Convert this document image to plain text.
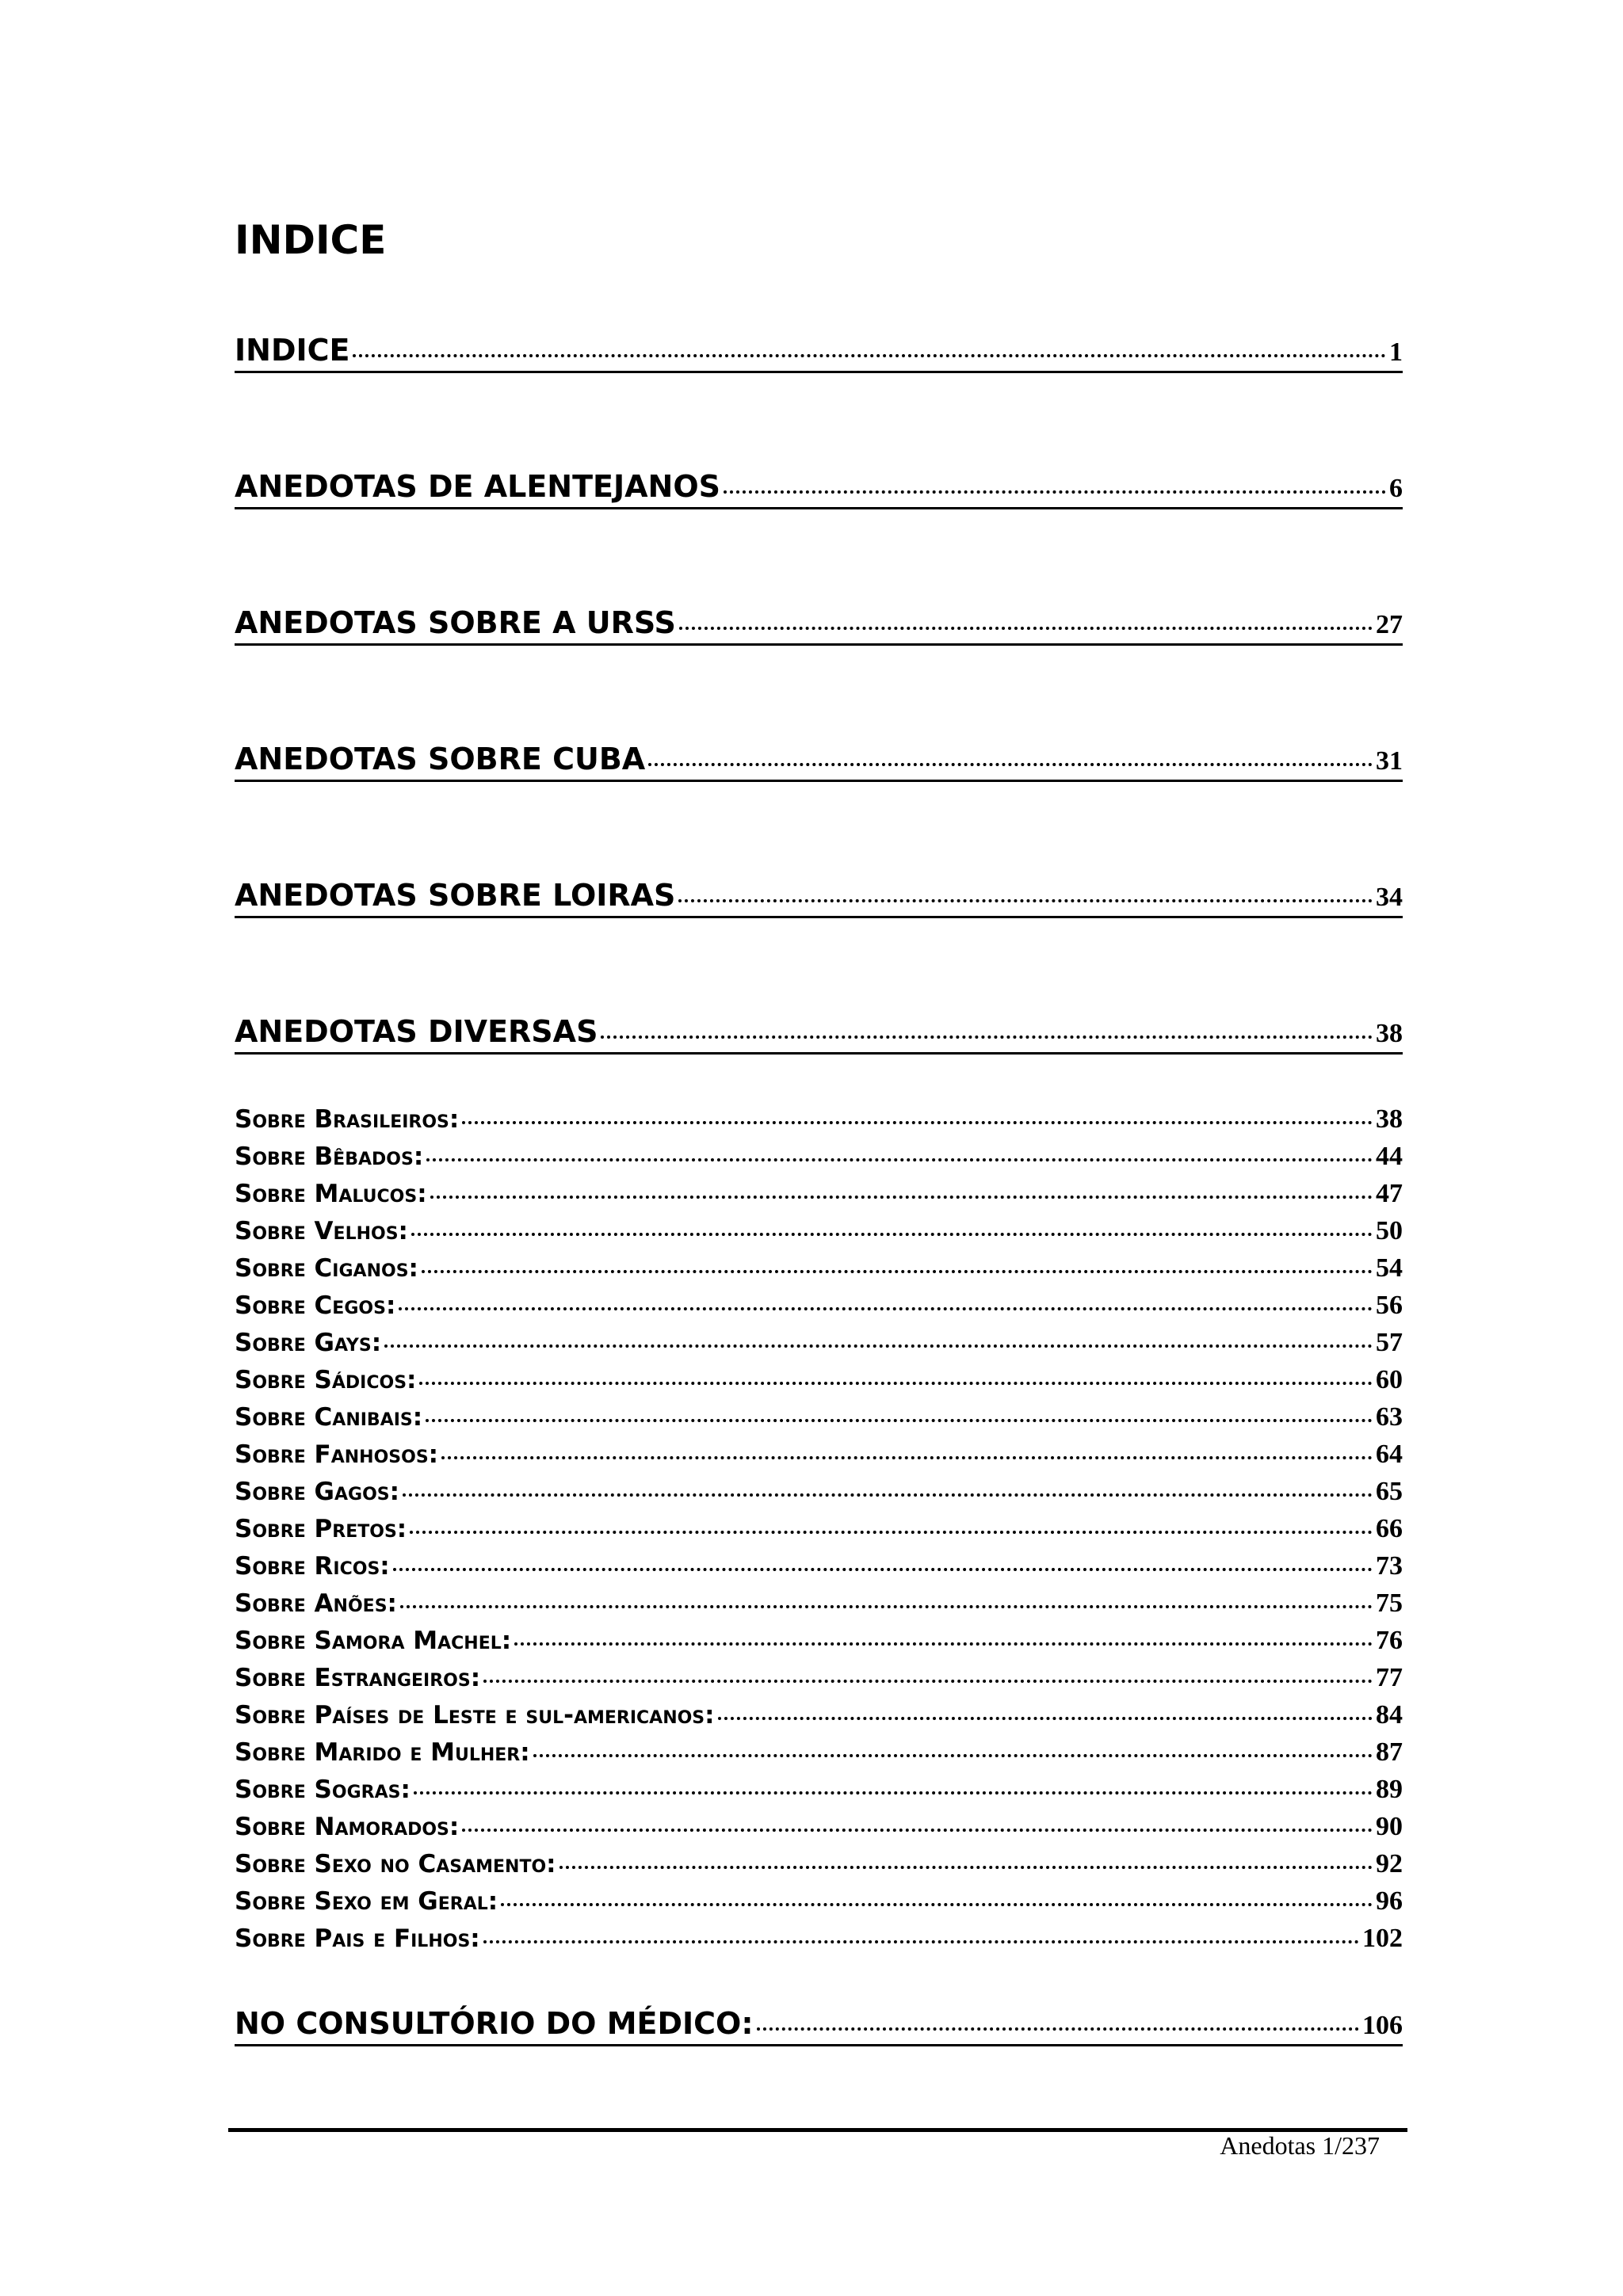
INDICE
INDICE	1
ANEDOTAS DE ALENTEJANOS	6
ANEDOTAS SOBRE A URSS	27
ANEDOTAS SOBRE CUBA	31
ANEDOTAS SOBRE LOIRAS	34
ANEDOTAS DIVERSAS	38
Sobre Brasileiros:	38
Sobre Bêbados:	44
Sobre Malucos:	47
Sobre Velhos:	50
Sobre Ciganos:	54
Sobre Cegos:	56
Sobre Gays:	57
Sobre Sádicos:	60
Sobre Canibais:	63
Sobre Fanhosos:	64
Sobre Gagos:	65
Sobre Pretos:	66
Sobre Ricos:	73
Sobre Anões:	75
Sobre Samora Machel:	76
Sobre Estrangeiros:	77
Sobre Países de Leste e sul-americanos:	84
Sobre Marido e Mulher:	87
Sobre Sogras:	89
Sobre Namorados:	90
Sobre Sexo no Casamento:	92
Sobre Sexo em Geral:	96
Sobre Pais e Filhos:	102
NO CONSULTÓRIO DO MÉDICO:	106
Anedotas 1/237
